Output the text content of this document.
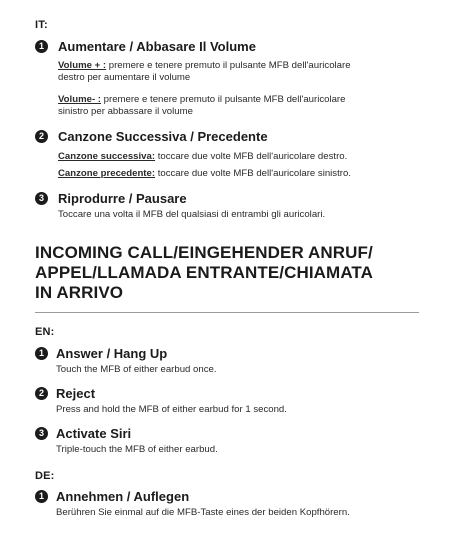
IT:
1	Aumentare / Abbasare Il Volume
Volume + : premere e tenere premuto il pulsante MFB dell'auricolare
destro per aumentare il volume
Volume- : premere e tenere premuto il pulsante MFB dell'auricolare
sinistro per abbassare il volume
2	Canzone Successiva / Precedente
Canzone successiva: toccare due volte MFB dell'auricolare destro.
Canzone precedente: toccare due volte MFB dell'auricolare sinistro.
3	Riprodurre / Pausare
Toccare una volta il MFB del qualsiasi di entrambi gli auricolari.
INCOMING CALL/EINGEHENDER ANRUF/
APPEL/LLAMADA ENTRANTE/CHIAMATA
IN ARRIVO
EN:
1 Answer / Hang Up
Touch the MFB of either earbud once.
2 Reject
Press and hold the MFB of either earbud for 1 second.
3 Activate Siri
Triple-touch the MFB of either earbud.
DE:
1 Annehmen / Auflegen
Berühren Sie einmal auf die MFB-Taste eines der beiden Kopfhörern.
